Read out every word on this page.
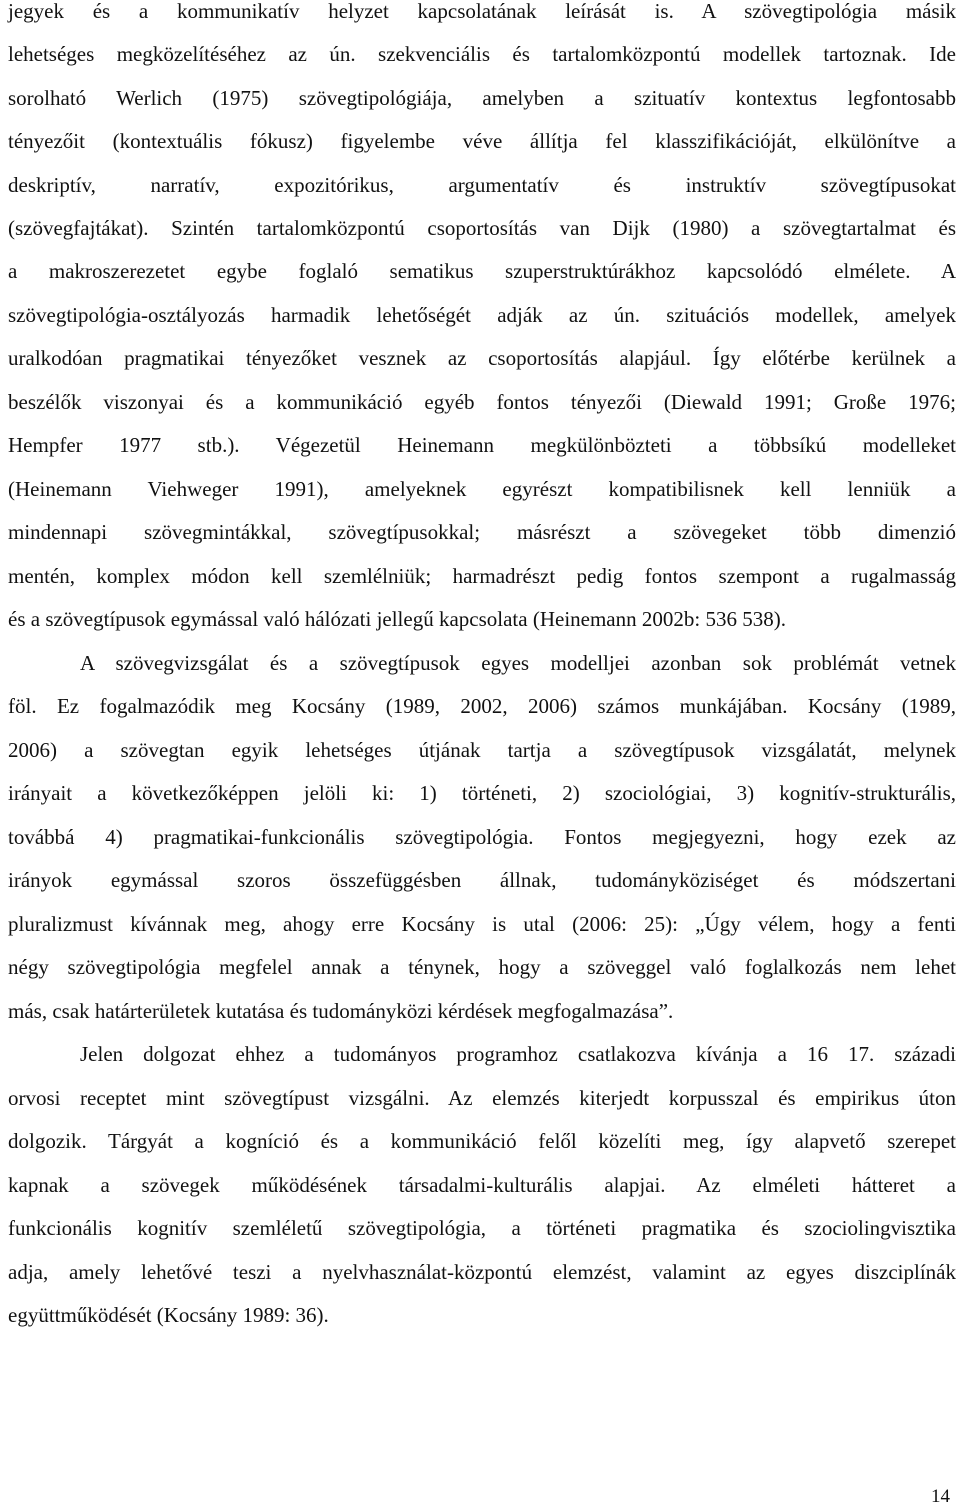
jegyek és a kommunikatív helyzet kapcsolatának leírását is. A szövegtipológia másik

lehetséges megközelítéséhez az ún. szekvenciális és tartalomközpontú modellek tartoznak. Ide

sorolható Werlich (1975) szövegtipológiája, amelyben a szituatív kontextus legfontosabb

tényezőit (kontextuális fókusz) figyelembe véve állítja fel klasszifikációját, elkülönítve a

deskriptív, narratív, expozitórikus, argumentatív és instruktív szövegtípusokat

(szövegfajtákat). Szintén tartalomközpontú csoportosítás van Dijk (1980) a szövegtartalmat és

a makroszerezetet egybe foglaló sematikus szuperstruktúrákhoz kapcsolódó elmélete. A

szövegtipológia-osztályozás harmadik lehetőségét adják az ún. szituációs modellek, amelyek

uralkodóan pragmatikai tényezőket vesznek az csoportosítás alapjául. Így előtérbe kerülnek a

beszélők viszonyai és a kommunikáció egyéb fontos tényezői (Diewald 1991; Große 1976;

Hempfer 1977 stb.). Végezetül Heinemann megkülönbözteti a többsíkú modelleket

(Heinemann Viehweger 1991), amelyeknek egyrészt kompatibilisnek kell lenniük a

mindennapi szövegmintákkal, szövegtípusokkal; másrészt a szövegeket több dimenzió

mentén, komplex módon kell szemlélniük; harmadrészt pedig fontos szempont a rugalmasság

és a szövegtípusok egymással való hálózati jellegű kapcsolata (Heinemann 2002b: 536 538).

A szövegvizsgálat és a szövegtípusok egyes modelljei azonban sok problémát vetnek

föl. Ez fogalmazódik meg Kocsány (1989, 2002, 2006) számos munkájában. Kocsány (1989,

2006) a szövegtan egyik lehetséges útjának tartja a szövegtípusok vizsgálatát, melynek

irányait a következőképpen jelöli ki: 1) történeti, 2) szociológiai, 3) kognitív-strukturális,

továbbá 4) pragmatikai-funkcionális szövegtipológia. Fontos megjegyezni, hogy ezek az

irányok egymással szoros összefüggésben állnak, tudományköziséget és módszertani

pluralizmust kívánnak meg, ahogy erre Kocsány is utal (2006: 25): „Úgy vélem, hogy a fenti

négy szövegtipológia megfelel annak a ténynek, hogy a szöveggel való foglalkozás nem lehet

más, csak határterületek kutatása és tudományközi kérdések megfogalmazása”.

Jelen dolgozat ehhez a tudományos programhoz csatlakozva kívánja a 16 17. századi

orvosi receptet mint szövegtípust vizsgálni. Az elemzés kiterjedt korpusszal és empirikus úton

dolgozik. Tárgyát a kogníció és a kommunikáció felől közelíti meg, így alapvető szerepet

kapnak a szövegek működésének társadalmi-kulturális alapjai. Az elméleti hátteret a

funkcionális kognitív szemléletű szövegtipológia, a történeti pragmatika és szociolingvisztika

adja, amely lehetővé teszi a nyelvhasználat-központú elemzést, valamint az egyes diszciplínák

együttműködését (Kocsány 1989: 36).

14
